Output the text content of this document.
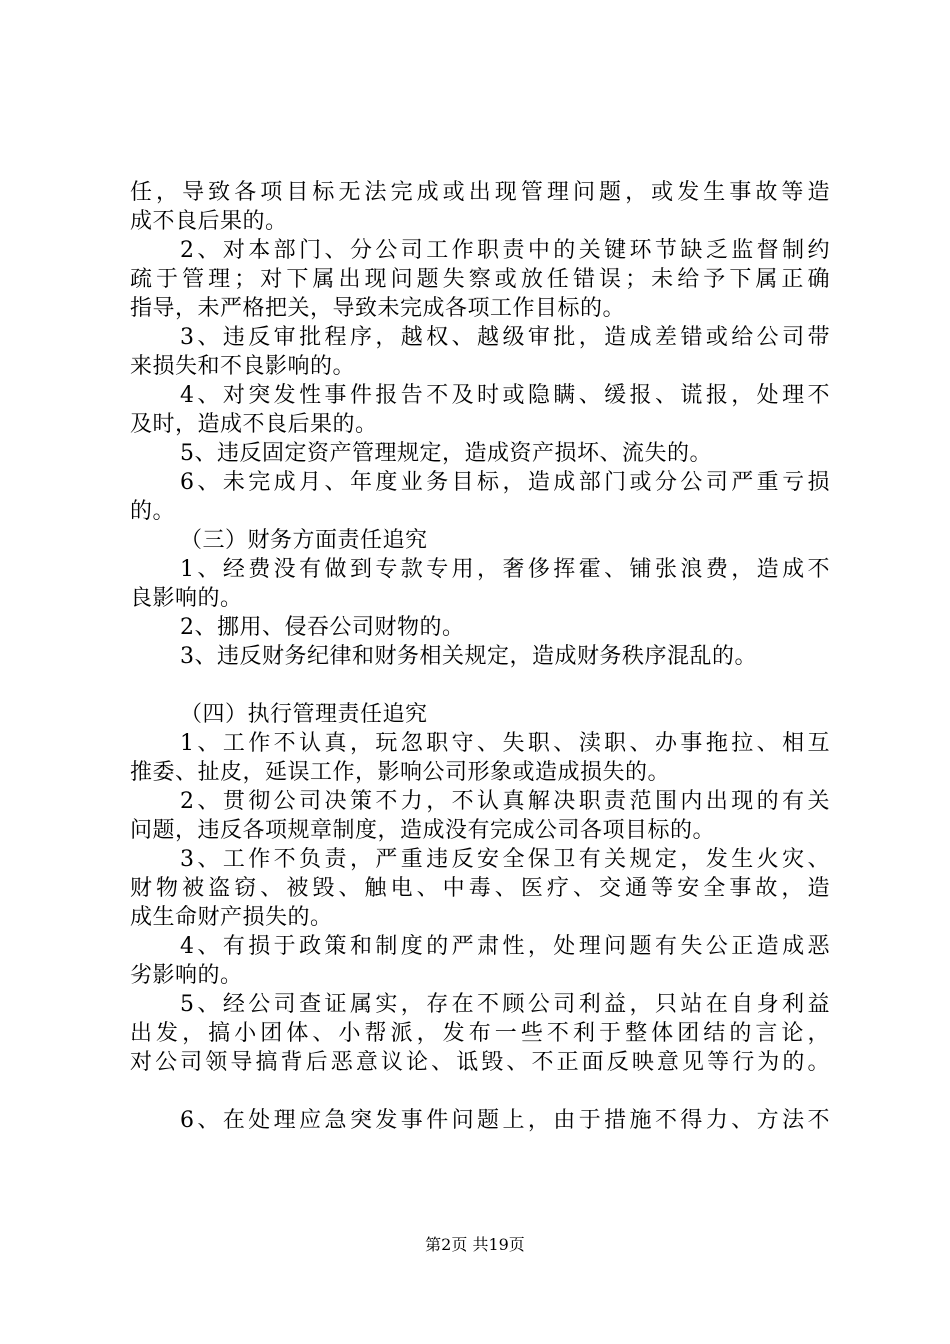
任，导致各项目标无法完成或出现管理问题，或发生事故等造
成不良后果的。
2、对本部门、分公司工作职责中的关键环节缺乏监督制约
疏于管理；对下属出现问题失察或放任错误；未给予下属正确
指导，未严格把关，导致未完成各项工作目标的。
3、违反审批程序，越权、越级审批，造成差错或给公司带
来损失和不良影响的。
4、对突发性事件报告不及时或隐瞒、缓报、谎报，处理不
及时，造成不良后果的。
5、违反固定资产管理规定，造成资产损坏、流失的。
6、未完成月、年度业务目标，造成部门或分公司严重亏损
的。
（三）财务方面责任追究
1、经费没有做到专款专用，奢侈挥霍、铺张浪费，造成不
良影响的。
2、挪用、侵吞公司财物的。
3、违反财务纪律和财务相关规定，造成财务秩序混乱的。
（四）执行管理责任追究
1、工作不认真，玩忽职守、失职、渎职、办事拖拉、相互
推委、扯皮，延误工作，影响公司形象或造成损失的。
2、贯彻公司决策不力，不认真解决职责范围内出现的有关
问题，违反各项规章制度，造成没有完成公司各项目标的。
3、工作不负责，严重违反安全保卫有关规定，发生火灾、
财物被盗窃、被毁、触电、中毒、医疗、交通等安全事故，造
成生命财产损失的。
4、有损于政策和制度的严肃性，处理问题有失公正造成恶
劣影响的。
5、经公司查证属实，存在不顾公司利益，只站在自身利益
出发，搞小团体、小帮派，发布一些不利于整体团结的言论，
对公司领导搞背后恶意议论、诋毁、不正面反映意见等行为的。
6、在处理应急突发事件问题上，由于措施不得力、方法不
第2页 共19页
